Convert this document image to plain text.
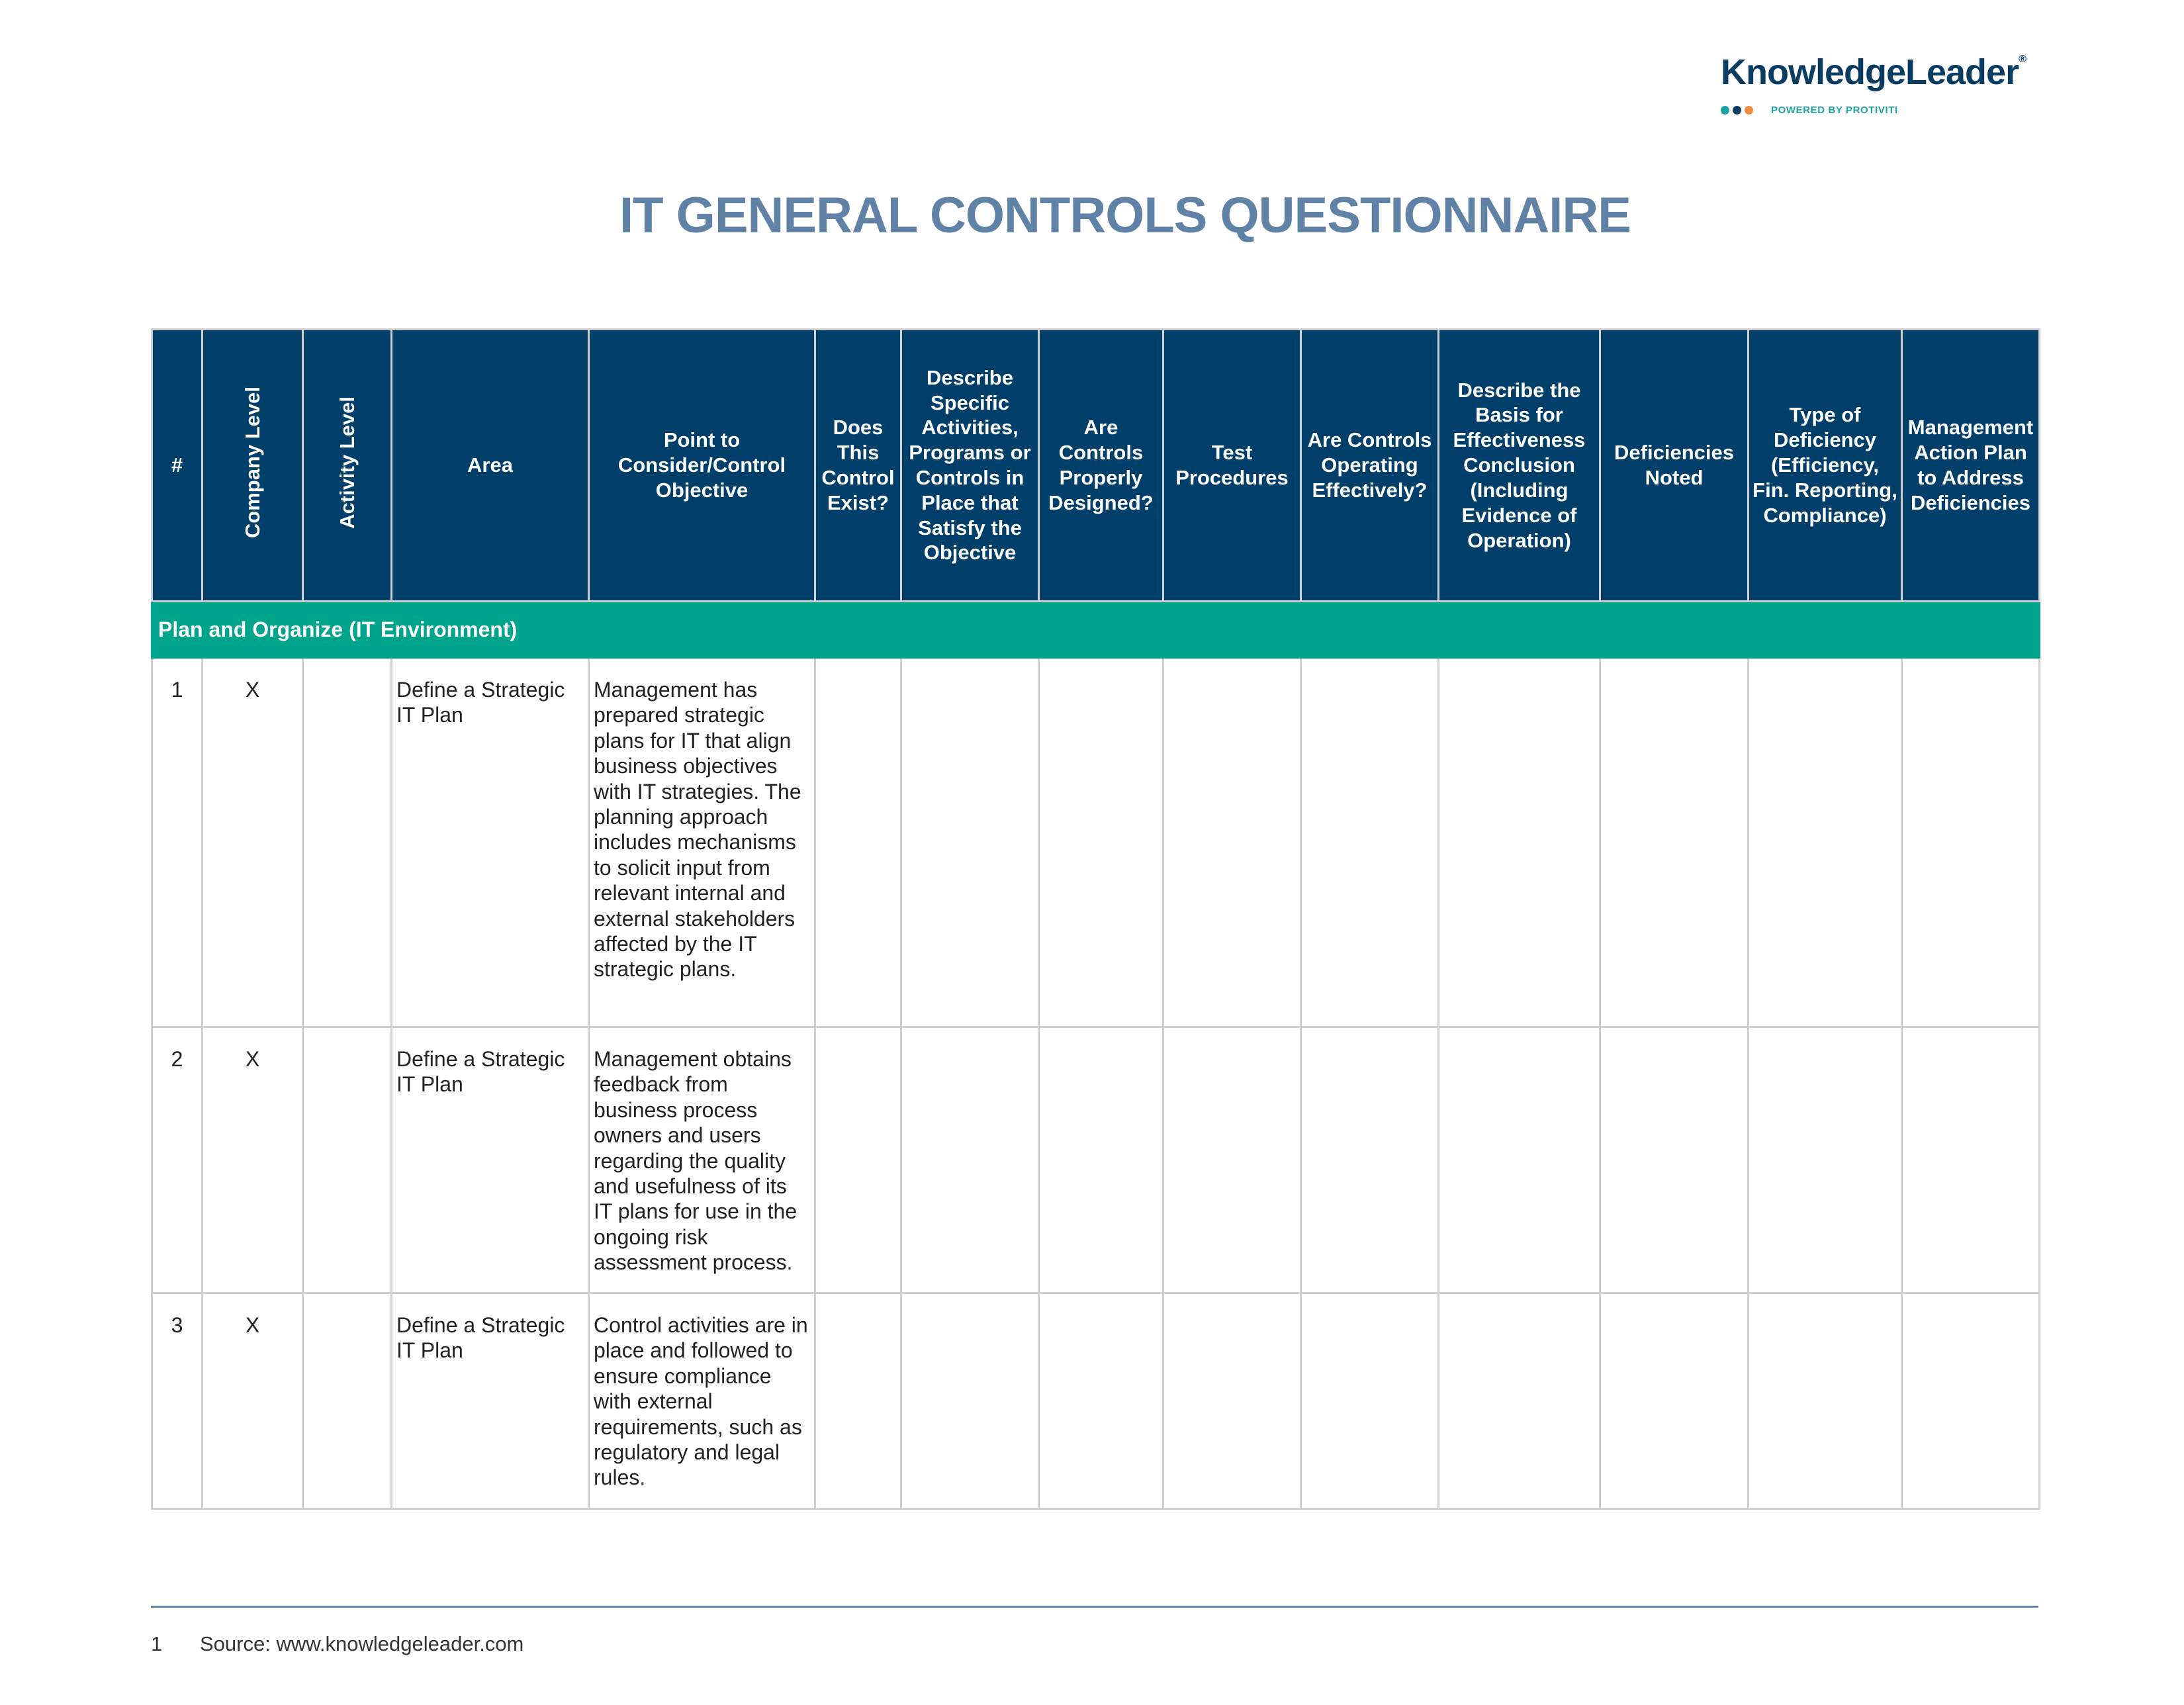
KnowledgeLeader®
POWERED BY PROTIVITI
IT GENERAL CONTROLS QUESTIONNAIRE
#	Company Level	Activity Level	Area	Point to Consider/Control Objective	Does This Control Exist?	Describe Specific Activities, Programs or Controls in Place that Satisfy the Objective	Are Controls Properly Designed?	Test Procedures	Are Controls Operating Effectively?	Describe the Basis for Effectiveness Conclusion (Including Evidence of Operation)	Deficiencies Noted	Type of Deficiency (Efficiency, Fin. Reporting, Compliance)	Management Action Plan to Address Deficiencies
Plan and Organize (IT Environment)													
1	X		Define a Strategic IT Plan	Management has prepared strategic plans for IT that align business objectives with IT strategies. The planning approach includes mechanisms to solicit input from relevant internal and external stakeholders affected by the IT strategic plans.									
2	X		Define a Strategic IT Plan	Management obtains feedback from business process owners and users regarding the quality and usefulness of its IT plans for use in the ongoing risk assessment process.									
3	X		Define a Strategic IT Plan	Control activities are in place and followed to ensure compliance with external requirements, such as regulatory and legal rules.									
1 Source: www.knowledgeleader.com
